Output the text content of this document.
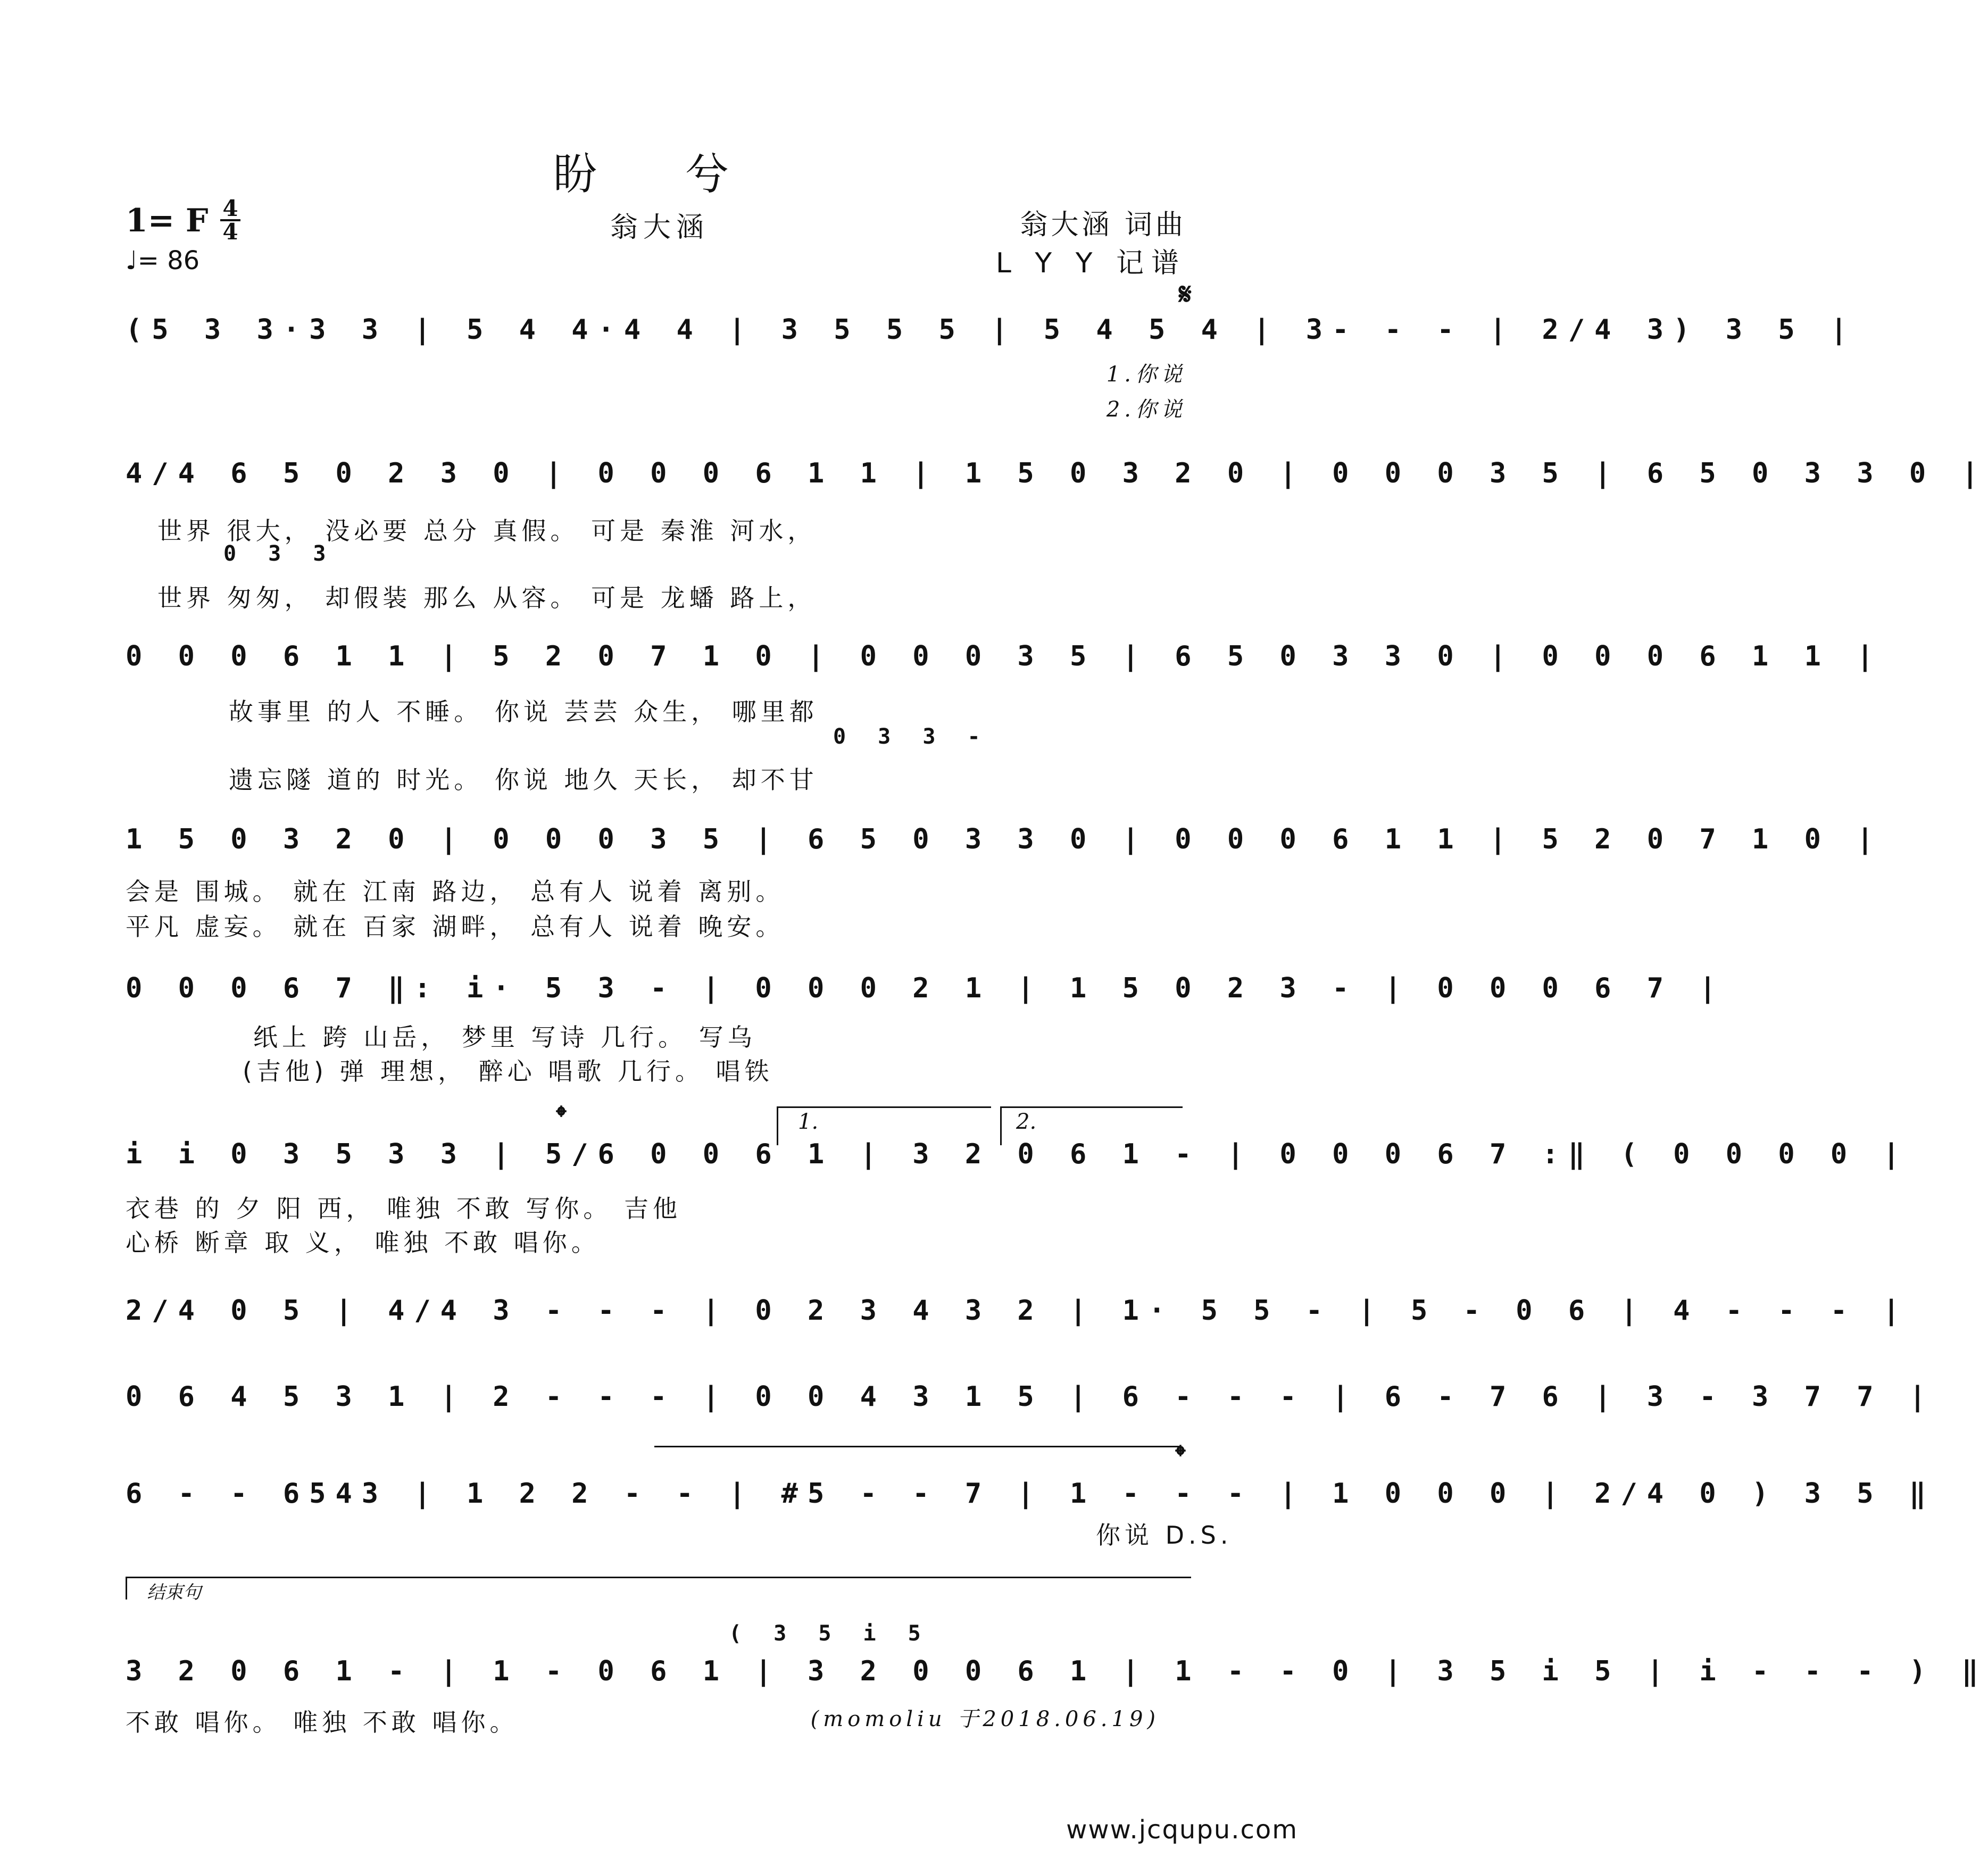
盼 兮
翁大涵
1= F 4
4
♩= 86
翁大涵 词曲
L Y Y 记谱
(5 3 3·3 3 | 5 4 4·4 4 | 3 5 5 5 | 5 4 5 4 | 3- - - | 2/4 3) 3 5 |
𝄋
1.你说
2.你说
4/4 6 5 0 2 3 0 | 0 0 0 6 1 1 | 1 5 0 3 2 0 | 0 0 0 3 5 | 6 5 0 3 3 0 |
世界 很大， 没必要 总分 真假。 可是 秦淮 河水，
0 3 3
世界 匆匆， 却假装 那么 从容。 可是 龙蟠 路上，
0 0 0 6 1 1 | 5 2 0 7 1 0 | 0 0 0 3 5 | 6 5 0 3 3 0 | 0 0 0 6 1 1 |
故事里 的人 不睡。 你说 芸芸 众生， 哪里都
0 3 3 -
遗忘隧 道的 时光。 你说 地久 天长， 却不甘
1 5 0 3 2 0 | 0 0 0 3 5 | 6 5 0 3 3 0 | 0 0 0 6 1 1 | 5 2 0 7 1 0 |
会是 围城。 就在 江南 路边， 总有人 说着 离别。
平凡 虚妄。 就在 百家 湖畔， 总有人 说着 晚安。
0 0 0 6 7 ‖: i· 5 3 - | 0 0 0 2 1 | 1 5 0 2 3 - | 0 0 0 6 7 |
纸上 跨 山岳， 梦里 写诗 几行。 写乌
(吉他) 弹 理想， 醉心 唱歌 几行。 唱铁
1.	2.
𝄌
i i 0 3 5 3 3 | 5/6 0 0 6 1 | 3 2 0 6 1 - | 0 0 0 6 7 :‖ ( 0 0 0 0 |
衣巷 的 夕 阳 西， 唯独 不敢 写你。 吉他
心桥 断章 取 义， 唯独 不敢 唱你。
2/4 0 5 | 4/4 3 - - - | 0 2 3 4 3 2 | 1· 5 5 - | 5 - 0 6 | 4 - - - |
0 6 4 5 3 1 | 2 - - - | 0 0 4 3 1 5 | 6 - - - | 6 - 7 6 | 3 - 3 7 7 |
𝄌
6 - - 6543 | 1 2 2 - - | #5 - - 7 | 1 - - - | 1 0 0 0 | 2/4 0 ) 3 5 ‖
你说 D.S.
结束句
( 3 5 i 5
3 2 0 6 1 - | 1 - 0 6 1 | 3 2 0 0 6 1 | 1 - - 0 | 3 5 i 5 | i - - - ) ‖
不敢 唱你。 唯独 不敢 唱你。	(momoliu 于2018.06.19)
www.jcqupu.com
